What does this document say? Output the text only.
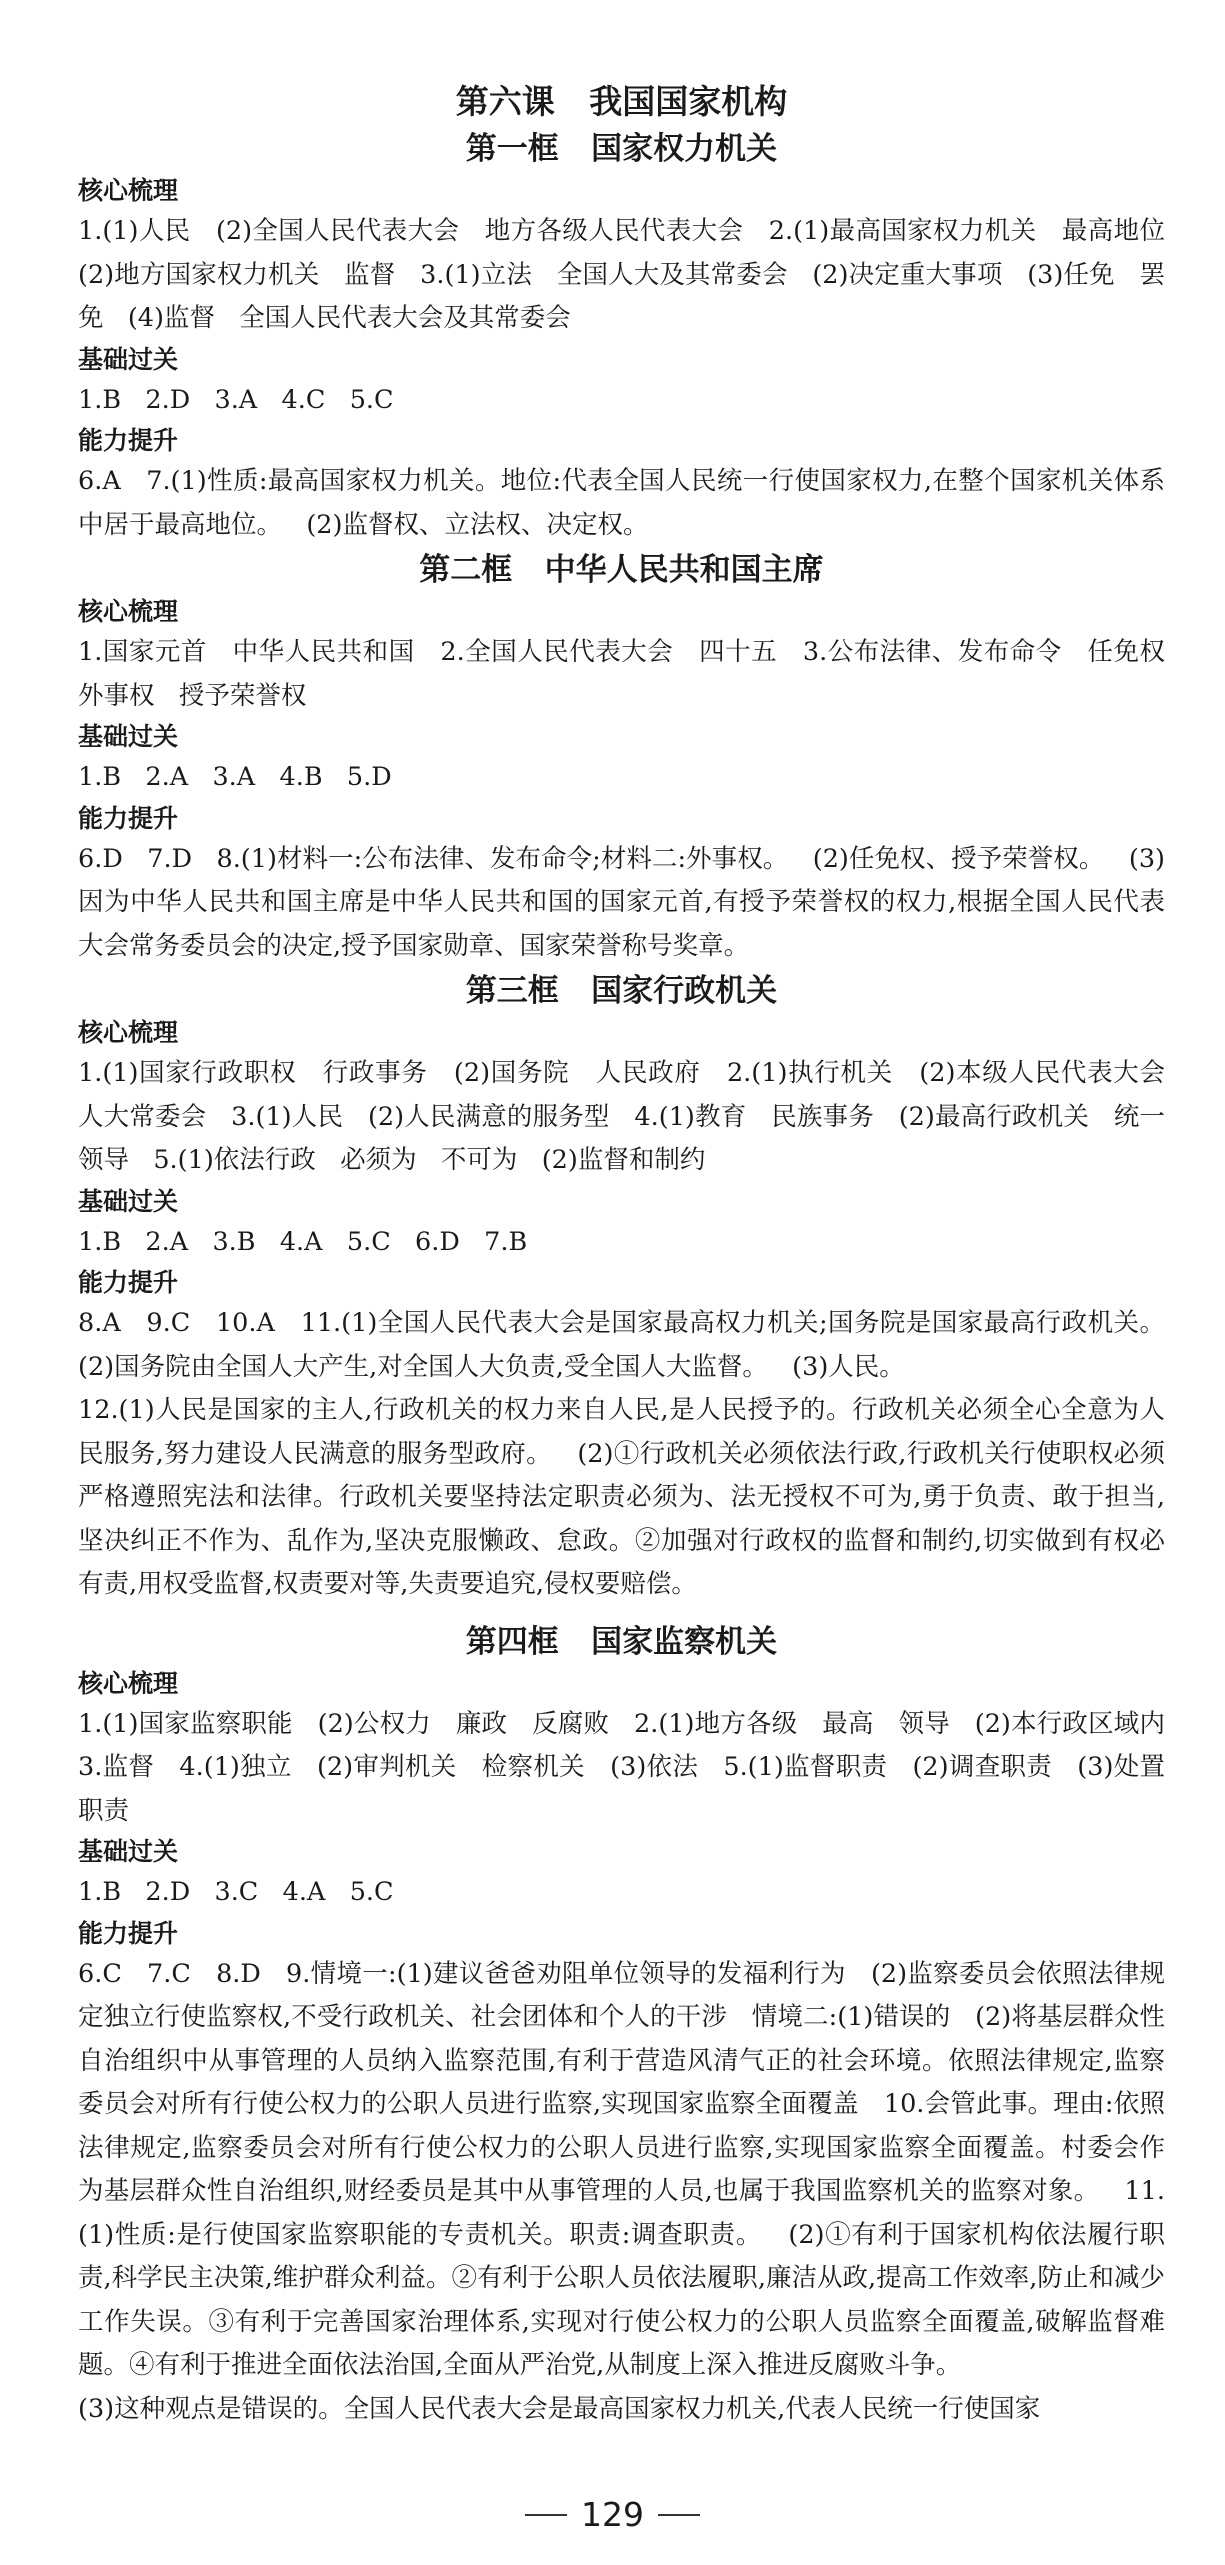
第六课   我国国家机构
第一框   国家权力机关
核心梳理

1.(1)人民   (2)全国人民代表大会   地方各级人民代表大会   2.(1)最高国家权力机关   最高地位   (2)地方国家权力机关   监督   3.(1)立法   全国人大及其常委会   (2)决定重大事项   (3)任免   罢免   (4)监督   全国人民代表大会及其常委会

基础过关

1.B   2.D   3.A   4.C   5.C

能力提升

6.A   7.(1)性质:最高国家权力机关。地位:代表全国人民统一行使国家权力,在整个国家机关体系中居于最高地位。   (2)监督权、立法权、决定权。

第二框   中华人民共和国主席
核心梳理

1.国家元首   中华人民共和国   2.全国人民代表大会   四十五   3.公布法律、发布命令   任免权   外事权   授予荣誉权

基础过关

1.B   2.A   3.A   4.B   5.D

能力提升

6.D   7.D   8.(1)材料一:公布法律、发布命令;材料二:外事权。   (2)任免权、授予荣誉权。   (3)因为中华人民共和国主席是中华人民共和国的国家元首,有授予荣誉权的权力,根据全国人民代表大会常务委员会的决定,授予国家勋章、国家荣誉称号奖章。

第三框   国家行政机关
核心梳理

1.(1)国家行政职权   行政事务   (2)国务院   人民政府   2.(1)执行机关   (2)本级人民代表大会   人大常委会   3.(1)人民   (2)人民满意的服务型   4.(1)教育   民族事务   (2)最高行政机关   统一领导   5.(1)依法行政   必须为   不可为   (2)监督和制约

基础过关

1.B   2.A   3.B   4.A   5.C   6.D   7.B

能力提升

8.A   9.C   10.A   11.(1)全国人民代表大会是国家最高权力机关;国务院是国家最高行政机关。   (2)国务院由全国人大产生,对全国人大负责,受全国人大监督。   (3)人民。
12.(1)人民是国家的主人,行政机关的权力来自人民,是人民授予的。行政机关必须全心全意为人民服务,努力建设人民满意的服务型政府。   (2)①行政机关必须依法行政,行政机关行使职权必须严格遵照宪法和法律。行政机关要坚持法定职责必须为、法无授权不可为,勇于负责、敢于担当,坚决纠正不作为、乱作为,坚决克服懒政、怠政。②加强对行政权的监督和制约,切实做到有权必有责,用权受监督,权责要对等,失责要追究,侵权要赔偿。

第四框   国家监察机关
核心梳理

1.(1)国家监察职能   (2)公权力   廉政   反腐败   2.(1)地方各级   最高   领导   (2)本行政区域内   3.监督   4.(1)独立   (2)审判机关   检察机关   (3)依法   5.(1)监督职责   (2)调查职责   (3)处置职责

基础过关

1.B   2.D   3.C   4.A   5.C

能力提升

6.C   7.C   8.D   9.情境一:(1)建议爸爸劝阻单位领导的发福利行为   (2)监察委员会依照法律规定独立行使监察权,不受行政机关、社会团体和个人的干涉   情境二:(1)错误的   (2)将基层群众性自治组织中从事管理的人员纳入监察范围,有利于营造风清气正的社会环境。依照法律规定,监察委员会对所有行使公权力的公职人员进行监察,实现国家监察全面覆盖   10.会管此事。理由:依照法律规定,监察委员会对所有行使公权力的公职人员进行监察,实现国家监察全面覆盖。村委会作为基层群众性自治组织,财经委员是其中从事管理的人员,也属于我国监察机关的监察对象。   11.(1)性质:是行使国家监察职能的专责机关。职责:调查职责。   (2)①有利于国家机构依法履行职责,科学民主决策,维护群众利益。②有利于公职人员依法履职,廉洁从政,提高工作效率,防止和减少工作失误。③有利于完善国家治理体系,实现对行使公权力的公职人员监察全面覆盖,破解监督难题。④有利于推进全面依法治国,全面从严治党,从制度上深入推进反腐败斗争。
(3)这种观点是错误的。全国人民代表大会是最高国家权力机关,代表人民统一行使国家

129
